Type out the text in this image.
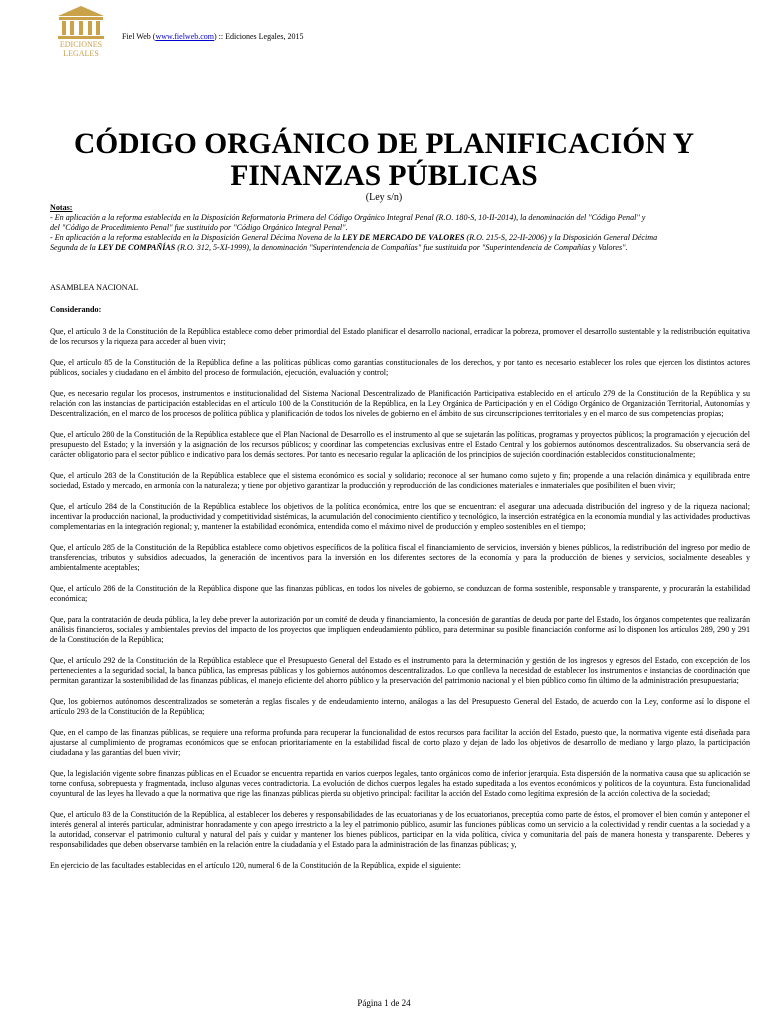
EDICIONES
LEGALES
Fiel Web (www.fielweb.com) :: Ediciones Legales, 2015
CÓDIGO ORGÁNICO DE PLANIFICACIÓN Y
FINANZAS PÚBLICAS
(Ley s/n)
Notas:

- En aplicación a la reforma establecida en la Disposición Reformatoria Primera del Código Orgánico Integral Penal (R.O. 180-S, 10-II-2014), la denominación del "Código Penal" y

del "Código de Procedimiento Penal" fue sustituido por "Código Orgánico Integral Penal".

- En aplicación a la reforma establecida en la Disposición General Décima Novena de la LEY DE MERCADO DE VALORES (R.O. 215-S, 22-II-2006) y la Disposición General Décima

Segunda de la LEY DE COMPAÑÍAS (R.O. 312, 5-XI-1999), la denominación "Superintendencia de Compañías" fue sustituida por "Superintendencia de Compañías y Valores".

ASAMBLEA NACIONAL

Considerando:

Que, el artículo 3 de la Constitución de la República establece como deber primordial del Estado planificar el desarrollo nacional, erradicar la pobreza, promover el desarrollo sustentable y la redistribución equitativa de los recursos y la riqueza para acceder al buen vivir;

Que, el artículo 85 de la Constitución de la República define a las políticas públicas como garantías constitucionales de los derechos, y por tanto es necesario establecer los roles que ejercen los distintos actores públicos, sociales y ciudadano en el ámbito del proceso de formulación, ejecución, evaluación y control;

Que, es necesario regular los procesos, instrumentos e institucionalidad del Sistema Nacional Descentralizado de Planificación Participativa establecido en el artículo 279 de la Constitución de la República y su relación con las instancias de participación establecidas en el artículo 100 de la Constitución de la República, en la Ley Orgánica de Participación y en el Código Orgánico de Organización Territorial, Autonomías y Descentralización, en el marco de los procesos de política pública y planificación de todos los niveles de gobierno en el ámbito de sus circunscripciones territoriales y en el marco de sus competencias propias;

Que, el artículo 280 de la Constitución de la República establece que el Plan Nacional de Desarrollo es el instrumento al que se sujetarán las políticas, programas y proyectos públicos; la programación y ejecución del presupuesto del Estado; y la inversión y la asignación de los recursos públicos; y coordinar las competencias exclusivas entre el Estado Central y los gobiernos autónomos descentralizados. Su observancia será de carácter obligatorio para el sector público e indicativo para los demás sectores. Por tanto es necesario regular la aplicación de los principios de sujeción coordinación establecidos constitucionalmente;

Que, el artículo 283 de la Constitución de la República establece que el sistema económico es social y solidario; reconoce al ser humano como sujeto y fin; propende a una relación dinámica y equilibrada entre sociedad, Estado y mercado, en armonía con la naturaleza; y tiene por objetivo garantizar la producción y reproducción de las condiciones materiales e inmateriales que posibiliten el buen vivir;

Que, el artículo 284 de la Constitución de la República establece los objetivos de la política económica, entre los que se encuentran: el asegurar una adecuada distribución del ingreso y de la riqueza nacional; incentivar la producción nacional, la productividad y competitividad sistémicas, la acumulación del conocimiento científico y tecnológico, la inserción estratégica en la economía mundial y las actividades productivas complementarias en la integración regional; y, mantener la estabilidad económica, entendida como el máximo nivel de producción y empleo sostenibles en el tiempo;

Que, el artículo 285 de la Constitución de la República establece como objetivos específicos de la política fiscal el financiamiento de servicios, inversión y bienes públicos, la redistribución del ingreso por medio de transferencias, tributos y subsidios adecuados, la generación de incentivos para la inversión en los diferentes sectores de la economía y para la producción de bienes y servicios, socialmente deseables y ambientalmente aceptables;

Que, el artículo 286 de la Constitución de la República dispone que las finanzas públicas, en todos los niveles de gobierno, se conduzcan de forma sostenible, responsable y transparente, y procurarán la estabilidad económica;

Que, para la contratación de deuda pública, la ley debe prever la autorización por un comité de deuda y financiamiento, la concesión de garantías de deuda por parte del Estado, los órganos competentes que realizarán análisis financieros, sociales y ambientales previos del impacto de los proyectos que impliquen endeudamiento público, para determinar su posible financiación conforme así lo disponen los artículos 289, 290 y 291 de la Constitución de la República;

Que, el artículo 292 de la Constitución de la República establece que el Presupuesto General del Estado es el instrumento para la determinación y gestión de los ingresos y egresos del Estado, con excepción de los pertenecientes a la seguridad social, la banca pública, las empresas públicas y los gobiernos autónomos descentralizados. Lo que conlleva la necesidad de establecer los instrumentos e instancias de coordinación que permitan garantizar la sostenibilidad de las finanzas públicas, el manejo eficiente del ahorro público y la preservación del patrimonio nacional y el bien público como fin último de la administración presupuestaria;

Que, los gobiernos autónomos descentralizados se someterán a reglas fiscales y de endeudamiento interno, análogas a las del Presupuesto General del Estado, de acuerdo con la Ley, conforme así lo dispone el artículo 293 de la Constitución de la República;

Que, en el campo de las finanzas públicas, se requiere una reforma profunda para recuperar la funcionalidad de estos recursos para facilitar la acción del Estado, puesto que, la normativa vigente está diseñada para ajustarse al cumplimiento de programas económicos que se enfocan prioritariamente en la estabilidad fiscal de corto plazo y dejan de lado los objetivos de desarrollo de mediano y largo plazo, la participación ciudadana y las garantías del buen vivir;

Que, la legislación vigente sobre finanzas públicas en el Ecuador se encuentra repartida en varios cuerpos legales, tanto orgánicos como de inferior jerarquía. Esta dispersión de la normativa causa que su aplicación se torne confusa, sobrepuesta y fragmentada, incluso algunas veces contradictoria. La evolución de dichos cuerpos legales ha estado supeditada a los eventos económicos y políticos de la coyuntura. Esta funcionalidad coyuntural de las leyes ha llevado a que la normativa que rige las finanzas públicas pierda su objetivo principal: facilitar la acción del Estado como legítima expresión de la acción colectiva de la sociedad;

Que, el artículo 83 de la Constitución de la República, al establecer los deberes y responsabilidades de las ecuatorianas y de los ecuatorianos, preceptúa como parte de éstos, el promover el bien común y anteponer el interés general al interés particular, administrar honradamente y con apego irrestricto a la ley el patrimonio público, asumir las funciones públicas como un servicio a la colectividad y rendir cuentas a la sociedad y a la autoridad, conservar el patrimonio cultural y natural del país y cuidar y mantener los bienes públicos, participar en la vida política, cívica y comunitaria del país de manera honesta y transparente. Deberes y responsabilidades que deben observarse también en la relación entre la ciudadanía y el Estado para la administración de las finanzas públicas; y,

En ejercicio de las facultades establecidas en el artículo 120, numeral 6 de la Constitución de la República, expide el siguiente:

Página 1 de 24
